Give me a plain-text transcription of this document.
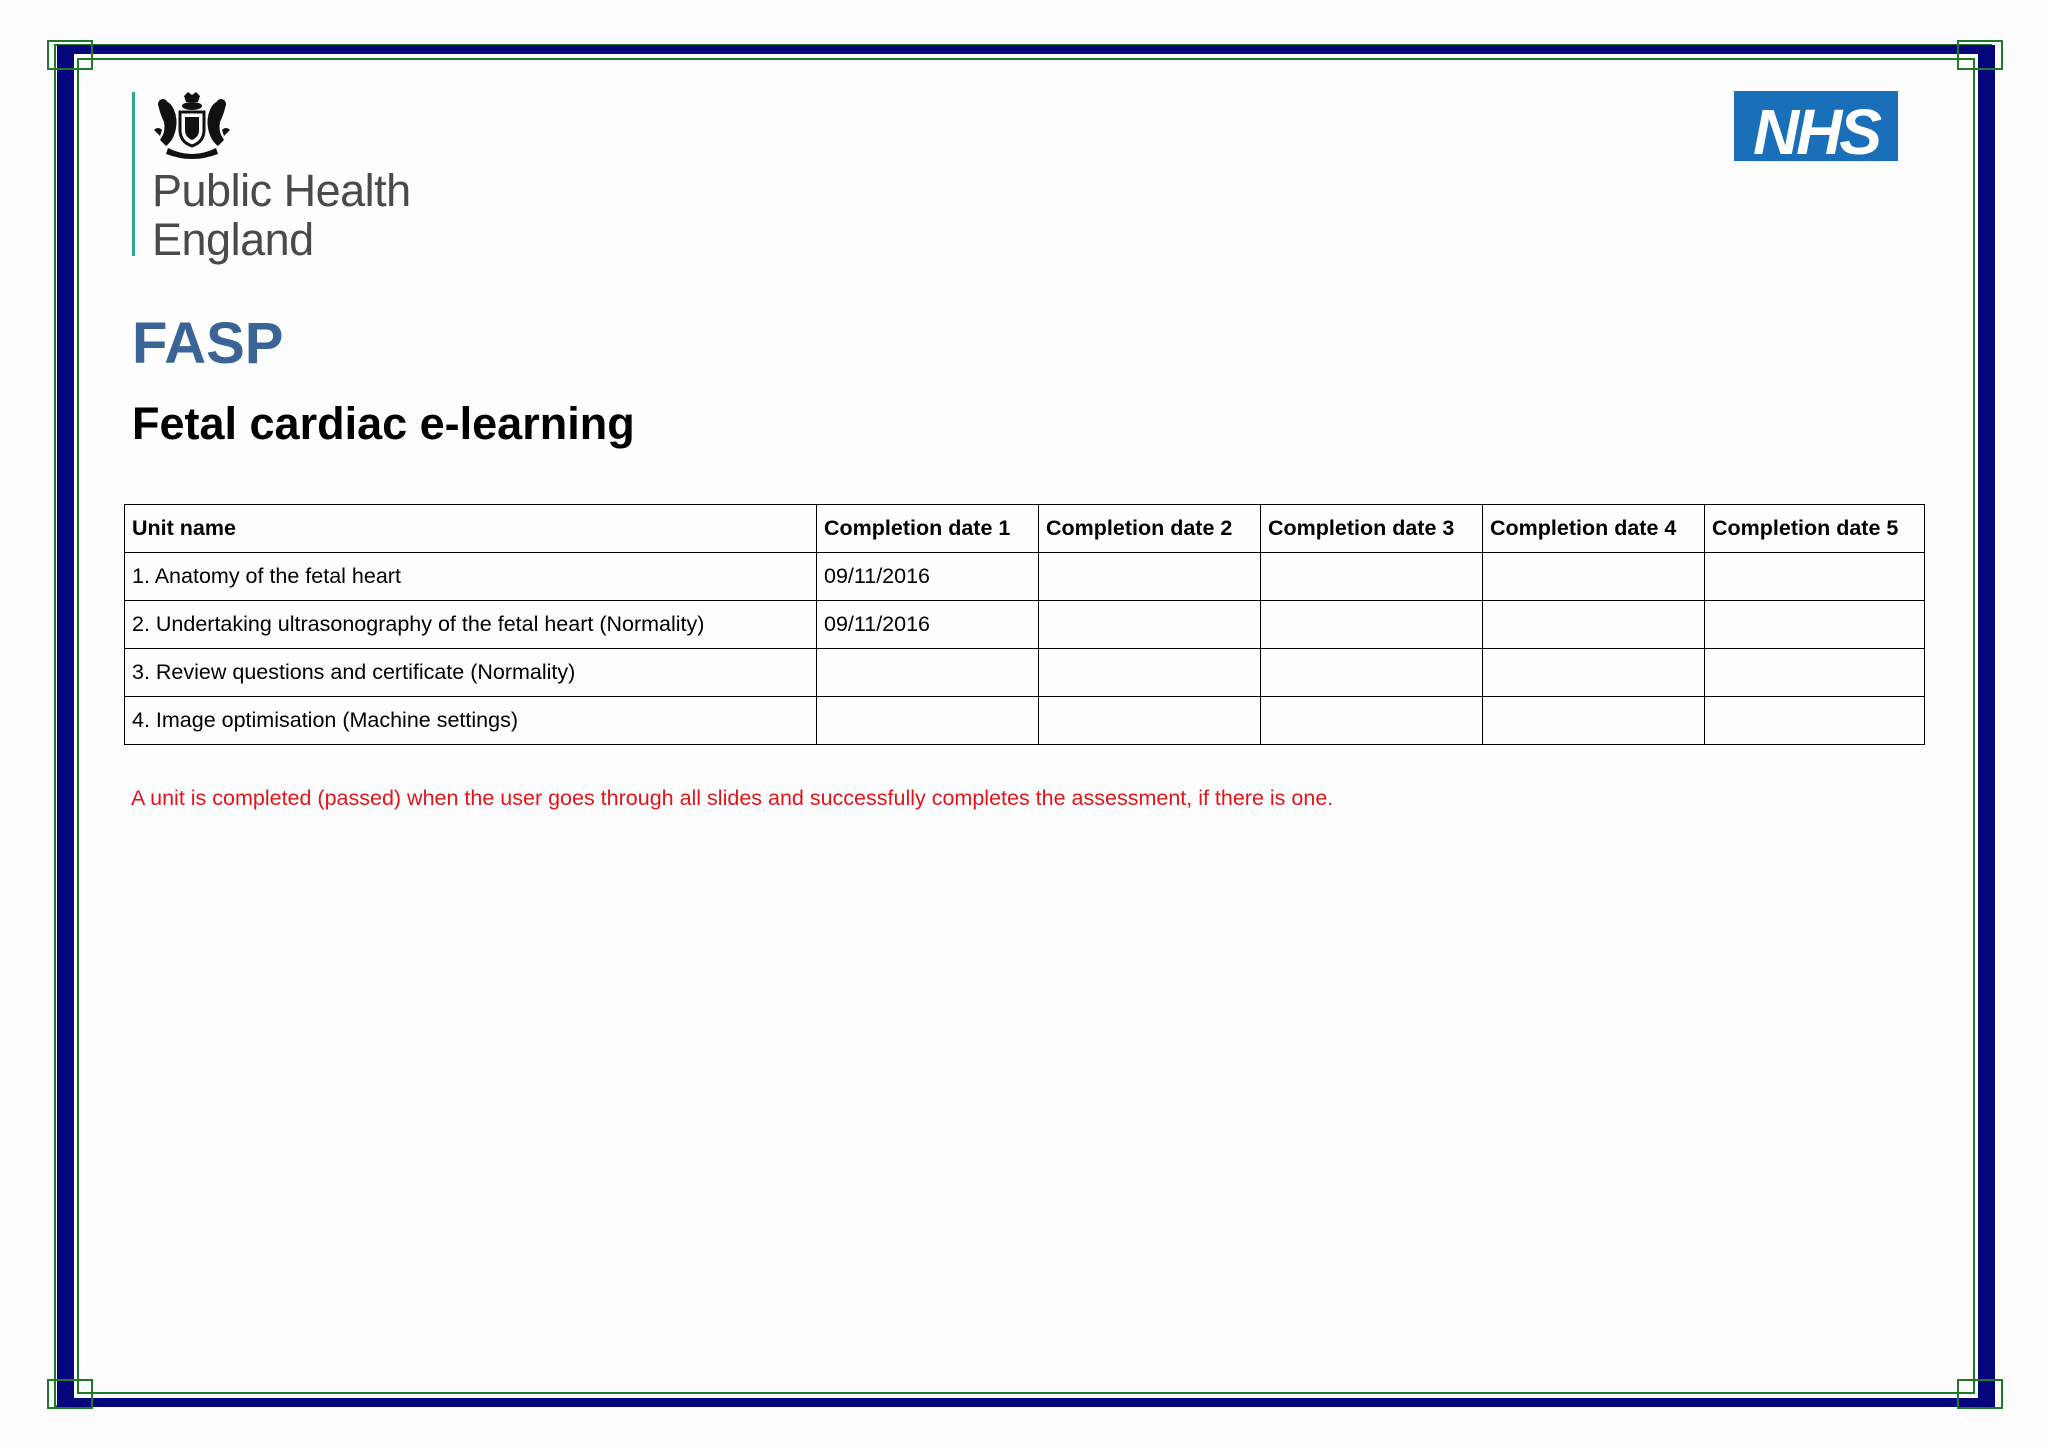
Public Health
England
NHS
FASP
Fetal cardiac e-learning
Unit name	Completion date 1	Completion date 2	Completion date 3	Completion date 4	Completion date 5
1. Anatomy of the fetal heart	09/11/2016				
2. Undertaking ultrasonography of the fetal heart (Normality)	09/11/2016				
3. Review questions and certificate (Normality)					
4. Image optimisation (Machine settings)					
A unit is completed (passed) when the user goes through all slides and successfully completes the assessment, if there is one.
